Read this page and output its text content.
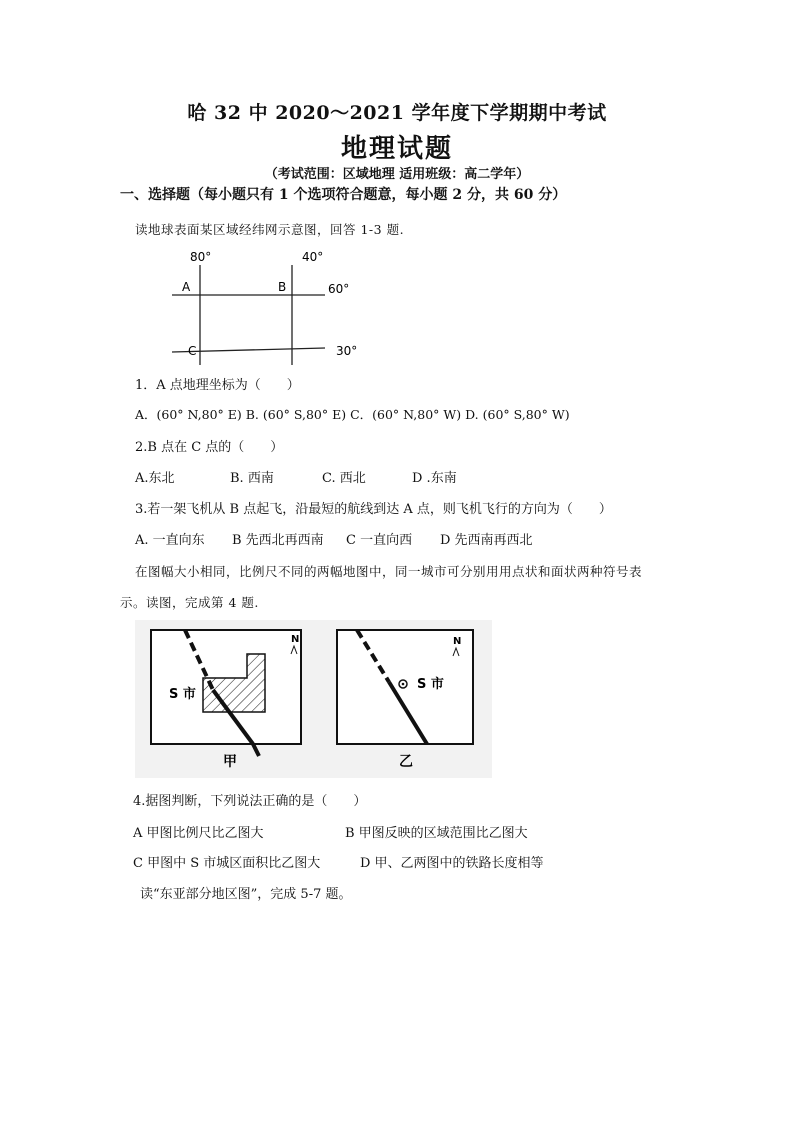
哈 32 中 2020～2021 学年度下学期期中考试
地理试题
（考试范围：区域地理 适用班级：高二学年）
一、选择题（每小题只有 1 个选项符合题意，每小题 2 分，共 60 分）
读地球表面某区域经纬网示意图，回答 1-3 题.
80°	40°
60°
30°
A	B
C
1．A 点地理坐标为（　　）
A．(60° N,80° E) B. (60° S,80° E) C．(60° N,80° W) D. (60° S,80° W)
2.B 点在 C 点的（　　）
A.东北	B. 西南	C. 西北	D .东南
3.若一架飞机从 B 点起飞，沿最短的航线到达 A 点，则飞机飞行的方向为（　　）
A. 一直向东 B 先西北再西南 C 一直向西 D 先西南再西北
在图幅大小相同，比例尺不同的两幅地图中，同一城市可分别用用点状和面状两种符号表
示。读图，完成第 4 题.
S 市
N
甲
S 市
N
乙
4.据图判断，下列说法正确的是（　　）
A 甲图比例尺比乙图大	B 甲图反映的区域范围比乙图大
C 甲图中 S 市城区面积比乙图大	D 甲、乙两图中的铁路长度相等
读“东亚部分地区图”，完成 5-7 题。
